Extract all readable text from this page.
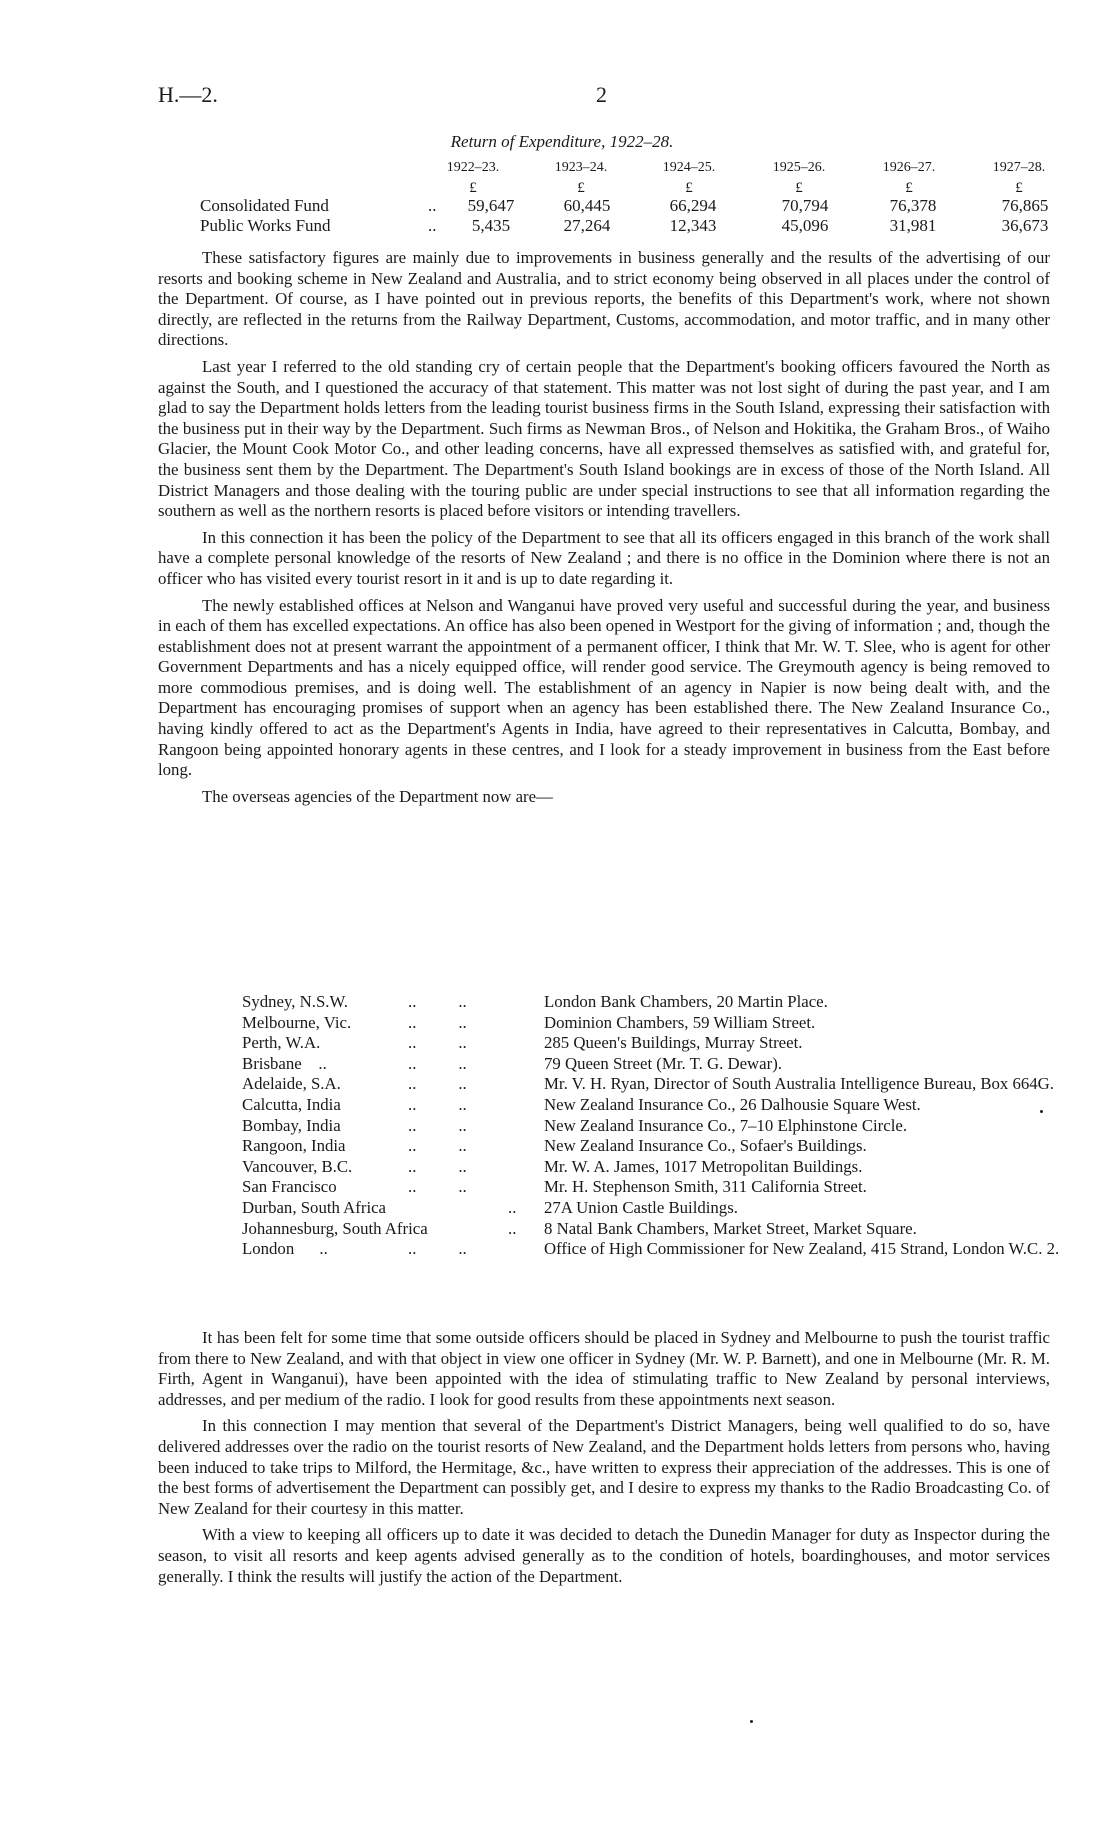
H.—2.	2
Return of Expenditure, 1922–28.
1922–23.	1923–24.	1924–25.	1925–26.	1926–27.	1927–28.
£	£	£	£	£	£
Consolidated Fund	..	59,647	60,445	66,294	70,794	76,378	76,865
Public Works Fund	..	5,435	27,264	12,343	45,096	31,981	36,673

These satisfactory figures are mainly due to improvements in business generally and the results of the advertising of our resorts and booking scheme in New Zealand and Australia, and to strict economy being observed in all places under the control of the Department. Of course, as I have pointed out in previous reports, the benefits of this Department's work, where not shown directly, are reflected in the returns from the Railway Department, Customs, accommodation, and motor traffic, and in many other directions.

Last year I referred to the old standing cry of certain people that the Department's booking officers favoured the North as against the South, and I questioned the accuracy of that statement. This matter was not lost sight of during the past year, and I am glad to say the Department holds letters from the leading tourist business firms in the South Island, expressing their satisfaction with the business put in their way by the Department. Such firms as Newman Bros., of Nelson and Hokitika, the Graham Bros., of Waiho Glacier, the Mount Cook Motor Co., and other leading concerns, have all expressed themselves as satisfied with, and grateful for, the business sent them by the Department. The Department's South Island bookings are in excess of those of the North Island. All District Managers and those dealing with the touring public are under special instructions to see that all information regarding the southern as well as the northern resorts is placed before visitors or intending travellers.

In this connection it has been the policy of the Department to see that all its officers engaged in this branch of the work shall have a complete personal knowledge of the resorts of New Zealand ; and there is no office in the Dominion where there is not an officer who has visited every tourist resort in it and is up to date regarding it.

The newly established offices at Nelson and Wanganui have proved very useful and successful during the year, and business in each of them has excelled expectations. An office has also been opened in Westport for the giving of information ; and, though the establishment does not at present warrant the appointment of a permanent officer, I think that Mr. W. T. Slee, who is agent for other Government Departments and has a nicely equipped office, will render good service. The Greymouth agency is being removed to more commodious premises, and is doing well. The establishment of an agency in Napier is now being dealt with, and the Department has encouraging promises of support when an agency has been established there. The New Zealand Insurance Co., having kindly offered to act as the Department's Agents in India, have agreed to their representatives in Calcutta, Bombay, and Rangoon being appointed honorary agents in these centres, and I look for a steady improvement in business from the East before long.

The overseas agencies of the Department now are—

Sydney, N.S.W.	..          ..	London Bank Chambers, 20 Martin Place.
Melbourne, Vic.	..          ..	Dominion Chambers, 59 William Street.
Perth, W.A.	..          ..	285 Queen's Buildings, Murray Street.
Brisbane    ..	..          ..	79 Queen Street (Mr. T. G. Dewar).
Adelaide, S.A.	..          ..	Mr. V. H. Ryan, Director of South Australia Intelligence Bureau, Box 664G.
Calcutta, India	..          ..	New Zealand Insurance Co., 26 Dalhousie Square West.
Bombay, India	..          ..	New Zealand Insurance Co., 7–10 Elphinstone Circle.
Rangoon, India	..          ..	New Zealand Insurance Co., Sofaer's Buildings.
Vancouver, B.C.	..          ..	Mr. W. A. James, 1017 Metropolitan Buildings.
San Francisco	..          ..	Mr. H. Stephenson Smith, 311 California Street.
Durban, South Africa	.. 27A Union Castle Buildings.
Johannesburg, South Africa	.. 8 Natal Bank Chambers, Market Street, Market Square.
London      ..	..          ..	Office of High Commissioner for New Zealand, 415 Strand, London W.C. 2.

It has been felt for some time that some outside officers should be placed in Sydney and Melbourne to push the tourist traffic from there to New Zealand, and with that object in view one officer in Sydney (Mr. W. P. Barnett), and one in Melbourne (Mr. R. M. Firth, Agent in Wanganui), have been appointed with the idea of stimulating traffic to New Zealand by personal interviews, addresses, and per medium of the radio. I look for good results from these appointments next season.

In this connection I may mention that several of the Department's District Managers, being well qualified to do so, have delivered addresses over the radio on the tourist resorts of New Zealand, and the Department holds letters from persons who, having been induced to take trips to Milford, the Hermitage, &c., have written to express their appreciation of the addresses. This is one of the best forms of advertisement the Department can possibly get, and I desire to express my thanks to the Radio Broadcasting Co. of New Zealand for their courtesy in this matter.

With a view to keeping all officers up to date it was decided to detach the Dunedin Manager for duty as Inspector during the season, to visit all resorts and keep agents advised generally as to the condition of hotels, boardinghouses, and motor services generally. I think the results will justify the action of the Department.
